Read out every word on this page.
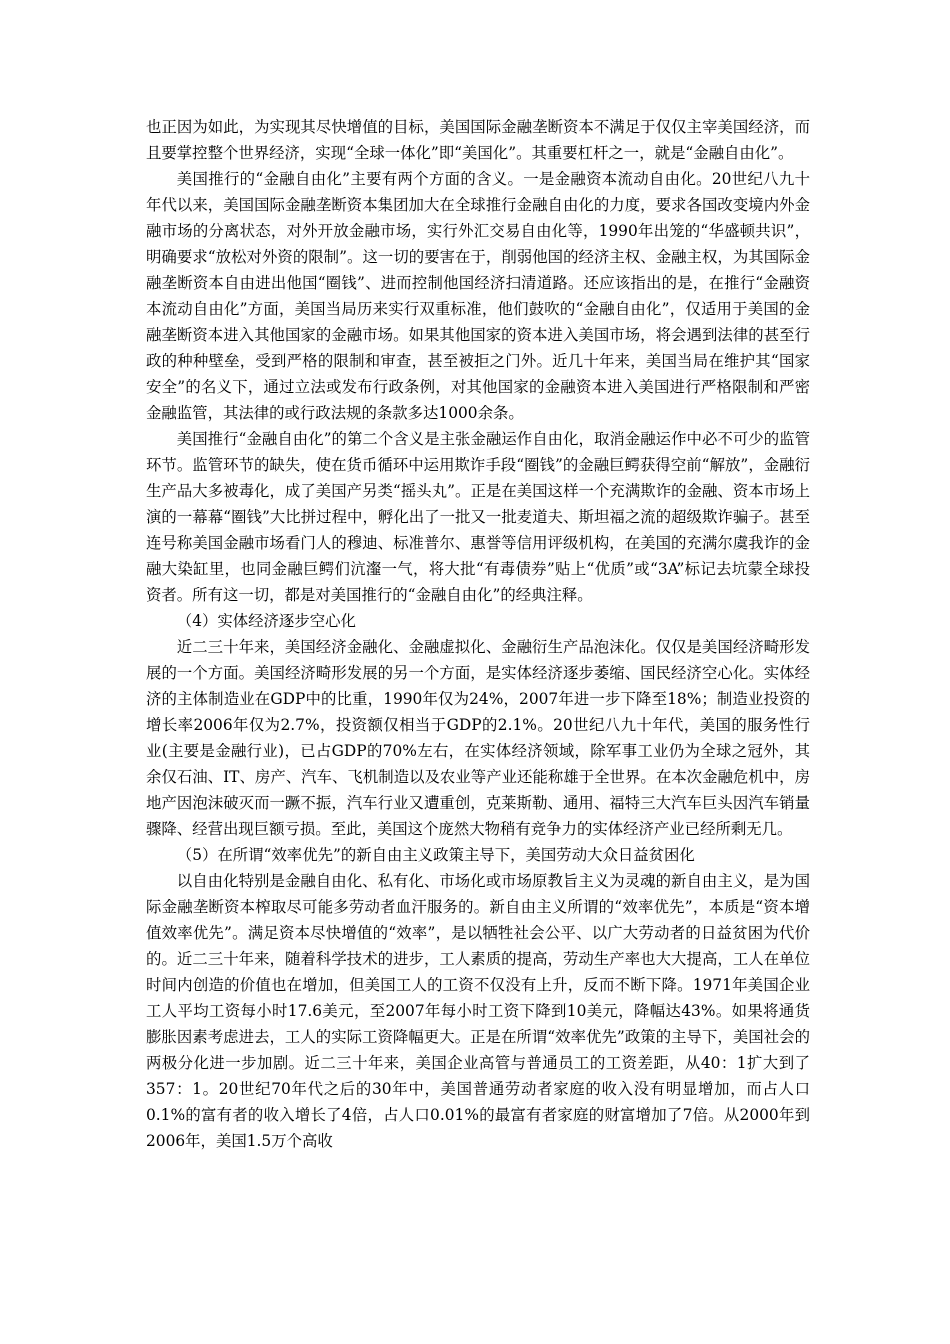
也正因为如此，为实现其尽快增值的目标，美国国际金融垄断资本不满足于仅仅主宰美国经济，而且要掌控整个世界经济，实现“全球一体化”即“美国化”。其重要杠杆之一，就是“金融自由化”。

美国推行的“金融自由化”主要有两个方面的含义。一是金融资本流动自由化。20世纪八九十年代以来，美国国际金融垄断资本集团加大在全球推行金融自由化的力度，要求各国改变境内外金融市场的分离状态，对外开放金融市场，实行外汇交易自由化等，1990年出笼的“华盛顿共识”，明确要求“放松对外资的限制”。这一切的要害在于，削弱他国的经济主权、金融主权，为其国际金融垄断资本自由进出他国“圈钱”、进而控制他国经济扫清道路。还应该指出的是，在推行“金融资本流动自由化”方面，美国当局历来实行双重标准，他们鼓吹的“金融自由化”，仅适用于美国的金融垄断资本进入其他国家的金融市场。如果其他国家的资本进入美国市场，将会遇到法律的甚至行政的种种壁垒，受到严格的限制和审查，甚至被拒之门外。近几十年来，美国当局在维护其“国家安全”的名义下，通过立法或发布行政条例，对其他国家的金融资本进入美国进行严格限制和严密金融监管，其法律的或行政法规的条款多达1000余条。

美国推行“金融自由化”的第二个含义是主张金融运作自由化，取消金融运作中必不可少的监管环节。监管环节的缺失，使在货币循环中运用欺诈手段“圈钱”的金融巨鳄获得空前“解放”，金融衍生产品大多被毒化，成了美国产另类“摇头丸”。正是在美国这样一个充满欺诈的金融、资本市场上演的一幕幕“圈钱”大比拼过程中，孵化出了一批又一批麦道夫、斯坦福之流的超级欺诈骗子。甚至连号称美国金融市场看门人的穆迪、标准普尔、惠誉等信用评级机构，在美国的充满尔虞我诈的金融大染缸里，也同金融巨鳄们沆瀣一气，将大批“有毒债券”贴上“优质”或“3A”标记去坑蒙全球投资者。所有这一切，都是对美国推行的“金融自由化”的经典注释。

（4）实体经济逐步空心化

近二三十年来，美国经济金融化、金融虚拟化、金融衍生产品泡沫化。仅仅是美国经济畸形发展的一个方面。美国经济畸形发展的另一个方面，是实体经济逐步萎缩、国民经济空心化。实体经济的主体制造业在GDP中的比重，1990年仅为24%，2007年进一步下降至18%；制造业投资的增长率2006年仅为2.7%，投资额仅相当于GDP的2.1%。20世纪八九十年代，美国的服务性行业(主要是金融行业)，已占GDP的70%左右，在实体经济领域，除军事工业仍为全球之冠外，其余仅石油、IT、房产、汽车、飞机制造以及农业等产业还能称雄于全世界。在本次金融危机中，房地产因泡沫破灭而一蹶不振，汽车行业又遭重创，克莱斯勒、通用、福特三大汽车巨头因汽车销量骤降、经营出现巨额亏损。至此，美国这个庞然大物稍有竞争力的实体经济产业已经所剩无几。

（5）在所谓“效率优先”的新自由主义政策主导下，美国劳动大众日益贫困化

以自由化特别是金融自由化、私有化、市场化或市场原教旨主义为灵魂的新自由主义，是为国际金融垄断资本榨取尽可能多劳动者血汗服务的。新自由主义所谓的“效率优先”，本质是“资本增值效率优先”。满足资本尽快增值的“效率”，是以牺牲社会公平、以广大劳动者的日益贫困为代价的。近二三十年来，随着科学技术的进步，工人素质的提高，劳动生产率也大大提高，工人在单位时间内创造的价值也在增加，但美国工人的工资不仅没有上升，反而不断下降。1971年美国企业工人平均工资每小时17.6美元，至2007年每小时工资下降到10美元，降幅达43%。如果将通货膨胀因素考虑进去，工人的实际工资降幅更大。正是在所谓“效率优先”政策的主导下，美国社会的两极分化进一步加剧。近二三十年来，美国企业高管与普通员工的工资差距，从40：1扩大到了357：1。20世纪70年代之后的30年中，美国普通劳动者家庭的收入没有明显增加，而占人口0.1%的富有者的收入增长了4倍，占人口0.01%的最富有者家庭的财富增加了7倍。从2000年到2006年，美国1.5万个高收
